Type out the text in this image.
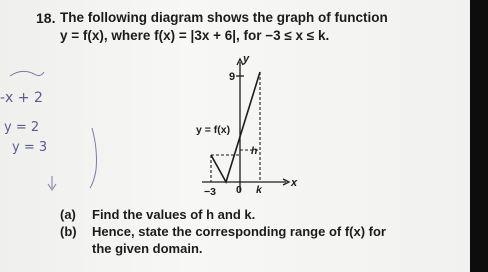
18. The following diagram shows the graph of function
y = f(x), where f(x) = |3x + 6|, for −3 ≤ x ≤ k.
-x + 2
y = 2
y = 3
y
9
y = f(x)
h
−3 0 k
x
(a) Find the values of h and k.
(b) Hence, state the corresponding range of f(x) for
the given domain.
